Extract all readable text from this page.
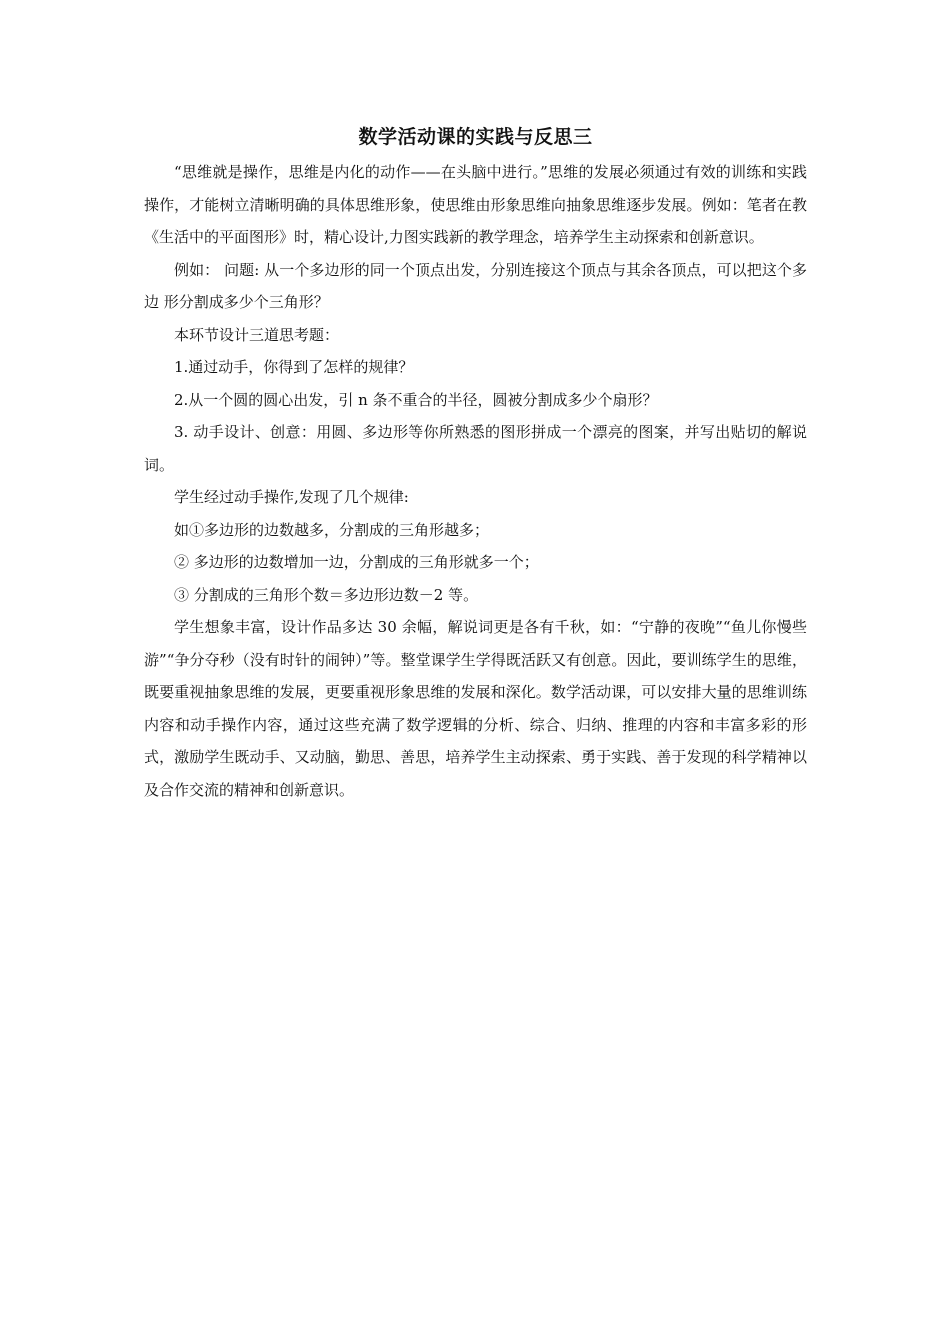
数学活动课的实践与反思三

“思维就是操作，思维是内化的动作——在头脑中进行。”思维的发展必须通过有效的训练和实践操作，才能树立清晰明确的具体思维形象，使思维由形象思维向抽象思维逐步发展。例如：笔者在教《生活中的平面图形》时，精心设计,力图实践新的教学理念，培养学生主动探索和创新意识。

例如： 问题: 从一个多边形的同一个顶点出发，分别连接这个顶点与其余各顶点，可以把这个多边 形分割成多少个三角形？

本环节设计三道思考题：

1.通过动手，你得到了怎样的规律？

2.从一个圆的圆心出发，引 n 条不重合的半径，圆被分割成多少个扇形？

3. 动手设计、创意：用圆、多边形等你所熟悉的图形拼成一个漂亮的图案，并写出贴切的解说词。

学生经过动手操作,发现了几个规律:

如①多边形的边数越多，分割成的三角形越多；

② 多边形的边数增加一边，分割成的三角形就多一个；

③ 分割成的三角形个数＝多边形边数－2 等。

学生想象丰富，设计作品多达 30 余幅，解说词更是各有千秋，如：“宁静的夜晚”“鱼儿你慢些游”“争分夺秒（没有时针的闹钟）”等。整堂课学生学得既活跃又有创意。因此，要训练学生的思维，既要重视抽象思维的发展，更要重视形象思维的发展和深化。数学活动课，可以安排大量的思维训练内容和动手操作内容，通过这些充满了数学逻辑的分析、综合、归纳、推理的内容和丰富多彩的形式，激励学生既动手、又动脑，勤思、善思，培养学生主动探索、勇于实践、善于发现的科学精神以及合作交流的精神和创新意识。
